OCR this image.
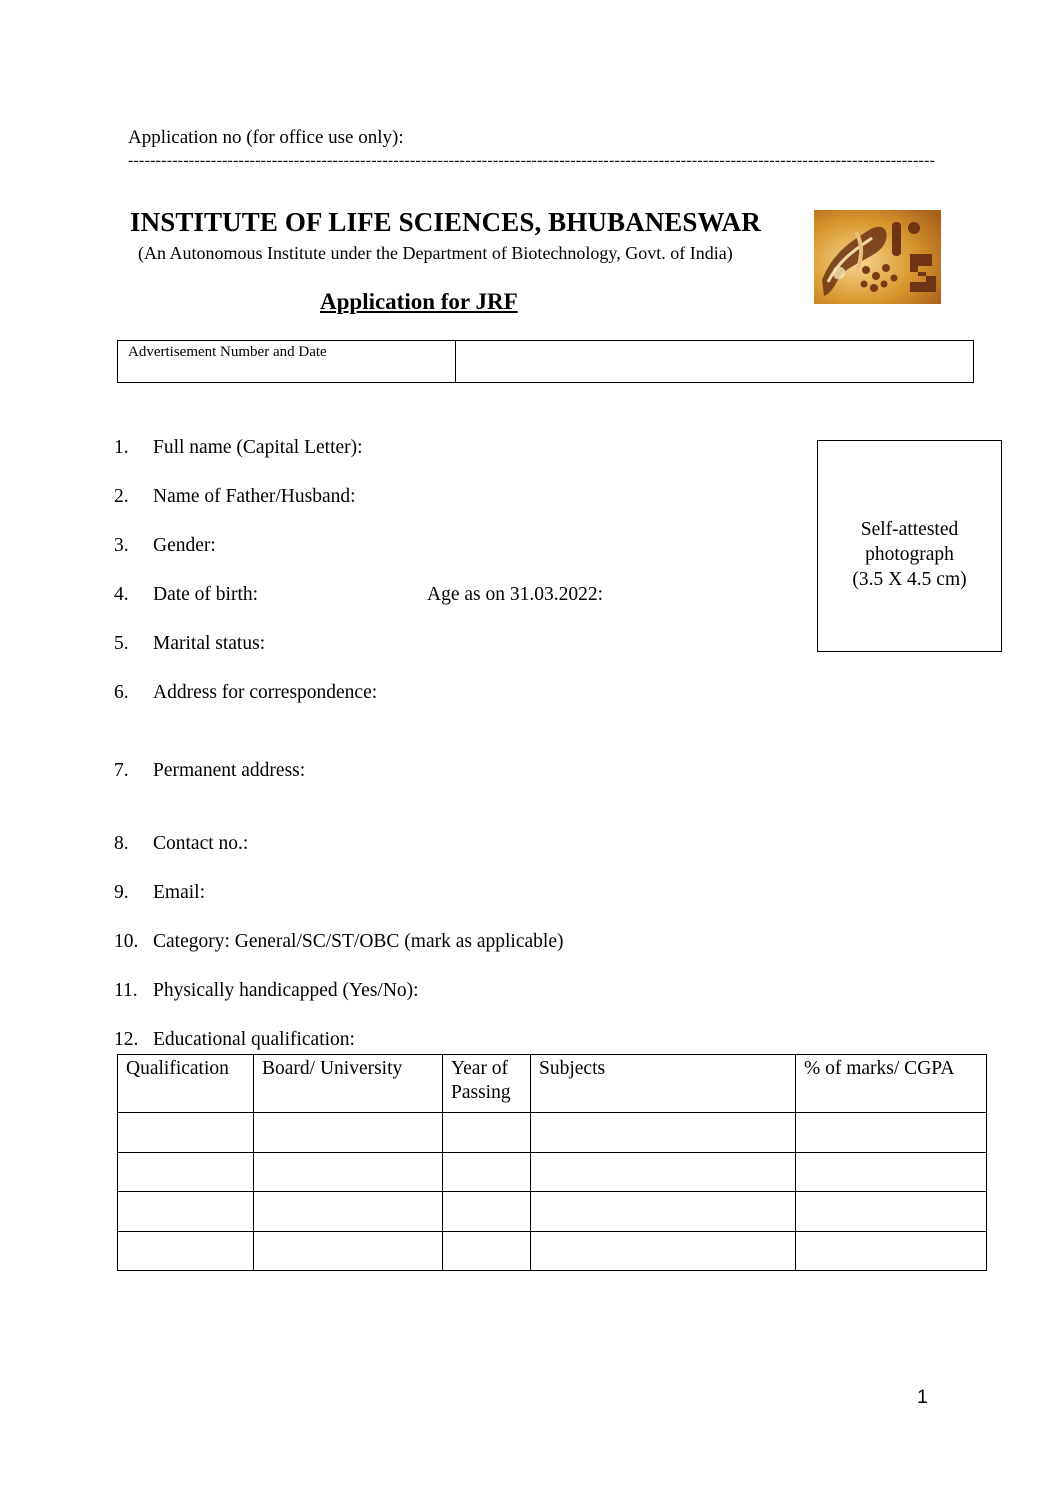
Application no (for office use only):
--------------------------------------------------------------------------------------------------------------------------------------------------
INSTITUTE OF LIFE SCIENCES, BHUBANESWAR
(An Autonomous Institute under the Department of Biotechnology, Govt. of India)
Application for JRF
Advertisement Number and Date
1. Full name (Capital Letter):
2. Name of Father/Husband:
3. Gender:
4. Date of birth:	Age as on 31.03.2022:
5. Marital status:
6. Address for correspondence:
7. Permanent address:
8. Contact no.:
9. Email:
10. Category: General/SC/ST/OBC (mark as applicable)
11. Physically handicapped (Yes/No):
12. Educational qualification:
Self-attested
photograph
(3.5 X 4.5 cm)
Qualification	Board/ University	Year of Passing	Subjects	% of marks/ CGPA

1
